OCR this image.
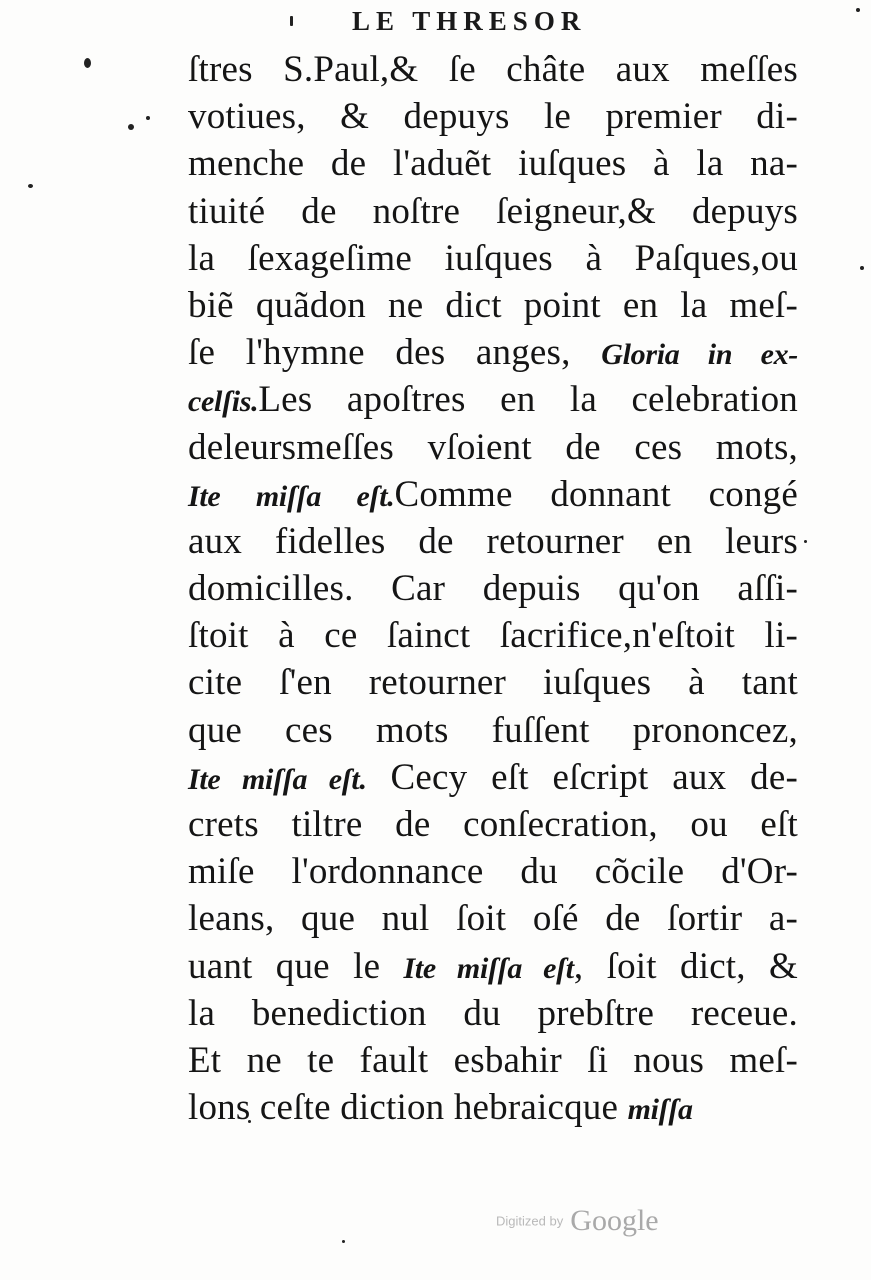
LE THRESOR
ſtres S.Paul,& ſe châte aux meſſes
votiues, & depuys le premier di-
menche de l'aduẽt iuſques à la na-
tiuité de noſtre ſeigneur,& depuys
la ſexageſime iuſques à Paſques,ou
biẽ quãdon ne dict point en la meſ-
ſe l'hymne des anges, Gloria in ex-
celſis.Les apoſtres en la celebration
deleursmeſſes vſoient de ces mots,
Ite miſſa eſt.Comme donnant congé
aux fidelles de retourner en leurs
domicilles. Car depuis qu'on aſſi-
ſtoit à ce ſainct ſacrifice,n'eſtoit li-
cite ſ'en retourner iuſques à tant
que ces mots fuſſent prononcez,
Ite miſſa eſt. Cecy eſt eſcript aux de-
crets tiltre de conſecration, ou eſt
miſe l'ordonnance du cõcile d'Or-
leans, que nul ſoit oſé de ſortir a-
uant que le Ite miſſa eſt, ſoit dict, &
la benediction du prebſtre receue.
Et ne te fault esbahir ſi nous meſ-
lons ceſte diction hebraicque miſſa
Digitized by Google
